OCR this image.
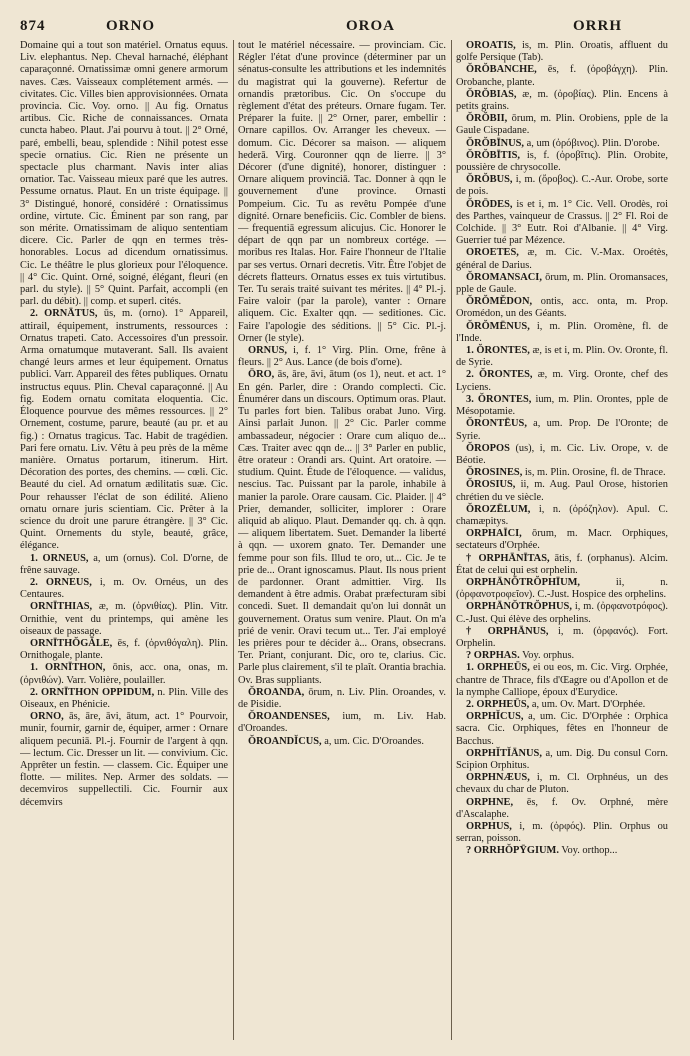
874	ORNO	OROA	ORRH

Domaine qui a tout son matériel. Ornatus equus. Liv. elephantus. Nep. Cheval harnaché, éléphant caparaçonné. Ornatissimæ omni genere armorum naves. Cæs. Vaisseaux complétement armés. — civitates. Cic. Villes bien approvisionnées. Ornata provincia. Cic. Voy. orno. || Au fig. Ornatus artibus. Cic. Riche de connaissances. Ornata cuncta habeo. Plaut. J'ai pourvu à tout. || 2° Orné, paré, embelli, beau, splendide : Nihil potest esse specie ornatius. Cic. Rien ne présente un spectacle plus charmant. Navis inter alias ornatior. Tac. Vaisseau mieux paré que les autres. Pessume ornatus. Plaut. En un triste équipage. || 3° Distingué, honoré, considéré : Ornatissimus ordine, virtute. Cic. Éminent par son rang, par son mérite. Ornatissimam de aliquo sententiam dicere. Cic. Parler de qqn en termes très-honorables. Locus ad dicendum ornatissimus. Cic. Le théâtre le plus glorieux pour l'éloquence. || 4° Cic. Quint. Orné, soigné, élégant, fleuri (en parl. du style). || 5° Quint. Parfait, accompli (en parl. du débit). || comp. et superl. cités.

2. ORNĀTUS, ūs, m. (orno). 1° Appareil, attirail, équipement, instruments, ressources : Ornatus trapeti. Cato. Accessoires d'un pressoir. Arma ornatumque mutaverant. Sall. Ils avaient changé leurs armes et leur équipement. Ornatus publici. Varr. Appareil des fêtes publiques. Ornatu instructus equus. Plin. Cheval caparaçonné. || Au fig. Eodem ornatu comitata eloquentia. Cic. Éloquence pourvue des mêmes ressources. || 2° Ornement, costume, parure, beauté (au pr. et au fig.) : Ornatus tragicus. Tac. Habit de tragédien. Pari fere ornatu. Liv. Vêtu à peu près de la même manière. Ornatus portarum, itinerum. Hirt. Décoration des portes, des chemins. — cœli. Cic. Beauté du ciel. Ad ornatum ædilitatis suæ. Cic. Pour rehausser l'éclat de son édilité. Alieno ornatu ornare juris scientiam. Cic. Prêter à la science du droit une parure étrangère. || 3° Cic. Quint. Ornements du style, beauté, grâce, élégance.

1. ORNEUS, a, um (ornus). Col. D'orne, de frêne sauvage.

2. ORNEUS, i, m. Ov. Ornéus, un des Centaures.

ORNĪTHIAS, æ, m. (ὀρνιθίας). Plin. Vitr. Ornithie, vent du printemps, qui amène les oiseaux de passage.

ORNĪTHŎGĂLE, ēs, f. (ὀρνιθόγαλη). Plin. Ornithogale, plante.

1. ORNĪTHON, ōnis, acc. ona, onas, m. (ὀρνιθών). Varr. Volière, poulailler.

2. ORNĪTHON OPPIDUM, n. Plin. Ville des Oiseaux, en Phénicie.

ORNO, ās, āre, āvi, ātum, act. 1° Pourvoir, munir, fournir, garnir de, équiper, armer : Ornare aliquem pecuniā. Pl.-j. Fournir de l'argent à qqn. — lectum. Cic. Dresser un lit. — convivium. Cic. Apprêter un festin. — classem. Cic. Équiper une flotte. — milites. Nep. Armer des soldats. — decemviros suppellectili. Cic. Fournir aux décemvirs

tout le matériel nécessaire. — provinciam. Cic. Régler l'état d'une province (déterminer par un sénatus-consulte les attributions et les indemnités du magistrat qui la gouverne). Refertur de ornandis prætoribus. Cic. On s'occupe du règlement d'état des préteurs. Ornare fugam. Ter. Préparer la fuite. || 2° Orner, parer, embellir : Ornare capillos. Ov. Arranger les cheveux. — domum. Cic. Décorer sa maison. — aliquem hederā. Virg. Couronner qqn de lierre. || 3° Décorer (d'une dignité), honorer, distinguer : Ornare aliquem provinciā. Tac. Donner à qqn le gouvernement d'une province. Ornasti Pompeium. Cic. Tu as revêtu Pompée d'une dignité. Ornare beneficiis. Cic. Combler de biens. — frequentiā egressum alicujus. Cic. Honorer le départ de qqn par un nombreux cortége. — moribus res Italas. Hor. Faire l'honneur de l'Italie par ses vertus. Ornari decretis. Vitr. Être l'objet de décrets flatteurs. Ornatus esses ex tuis virtutibus. Ter. Tu serais traité suivant tes mérites. || 4° Pl.-j. Faire valoir (par la parole), vanter : Ornare aliquem. Cic. Exalter qqn. — seditiones. Cic. Faire l'apologie des séditions. || 5° Cic. Pl.-j. Orner (le style).

ORNUS, i, f. 1° Virg. Plin. Orne, frêne à fleurs. || 2° Aus. Lance (de bois d'orne).

ŌRO, ās, āre, āvi, ātum (os 1), neut. et act. 1° En gén. Parler, dire : Orando complecti. Cic. Énumérer dans un discours. Optimum oras. Plaut. Tu parles fort bien. Talibus orabat Juno. Virg. Ainsi parlait Junon. || 2° Cic. Parler comme ambassadeur, négocier : Orare cum aliquo de... Cæs. Traiter avec qqn de... || 3° Parler en public, être orateur : Orandi ars. Quint. Art oratoire. — studium. Quint. Étude de l'éloquence. — validus, nescius. Tac. Puissant par la parole, inhabile à manier la parole. Orare causam. Cic. Plaider. || 4° Prier, demander, solliciter, implorer : Orare aliquid ab aliquo. Plaut. Demander qq. ch. à qqn. — aliquem libertatem. Suet. Demander la liberté à qqn. — uxorem gnato. Ter. Demander une femme pour son fils. Illud te oro, ut... Cic. Je te prie de... Orant ignoscamus. Plaut. Ils nous prient de pardonner. Orant admittier. Virg. Ils demandent à être admis. Orabat præfecturam sibi concedi. Suet. Il demandait qu'on lui donnât un gouvernement. Oratus sum venire. Plaut. On m'a prié de venir. Oravi tecum ut... Ter. J'ai employé les prières pour te décider à... Orans, obsecrans. Ter. Priant, conjurant. Dic, oro te, clarius. Cic. Parle plus clairement, s'il te plaît. Orantia brachia. Ov. Bras suppliants.

ŎROANDA, ōrum, n. Liv. Plin. Oroandes, v. de Pisidie.

ŎROANDENSES, ium, m. Liv. Hab. d'Oroandes.

ŎROANDĬCUS, a, um. Cic. D'Oroandes.

OROATIS, is, m. Plin. Oroatis, affluent du golfe Persique (Tab).

ŎRŎBANCHE, ēs, f. (ὀροβάγχη). Plin. Orobanche, plante.

ŎRŎBIAS, æ, m. (ὀροβίας). Plin. Encens à petits grains.

ŎRŎBII, ōrum, m. Plin. Orobiens, pple de la Gaule Cispadane.

ŎRŎBĪNUS, a, um (ὀρόβινος). Plin. D'orobe.

ŎRŎBĪTIS, is, f. (ὀροβῖτις). Plin. Orobite, poussière de chrysocolle.

ŎRŎBUS, i, m. (ὄροβος). C.-Aur. Orobe, sorte de pois.

ŎRŌDES, is et i, m. 1° Cic. Vell. Orodès, roi des Parthes, vainqueur de Crassus. || 2° Fl. Roi de Colchide. || 3° Eutr. Roi d'Albanie. || 4° Virg. Guerrier tué par Mézence.

OROETES, æ, m. Cic. V.-Max. Oroétès, général de Darius.

ŎROMANSACI, ōrum, m. Plin. Oromansaces, pple de Gaule.

ŎRŎMĔDON, ontis, acc. onta, m. Prop. Oromédon, un des Géants.

ŎRŎMĒNUS, i, m. Plin. Oromène, fl. de l'Inde.

1. ŎRONTES, æ, is et i, m. Plin. Ov. Oronte, fl. de Syrie.

2. ŎRONTES, æ, m. Virg. Oronte, chef des Lyciens.

3. ŎRONTES, ium, m. Plin. Orontes, pple de Mésopotamie.

ŎRONTĒUS, a, um. Prop. De l'Oronte; de Syrie.

ŎROPOS (us), i, m. Cic. Liv. Orope, v. de Béotie.

ŎROSINES, is, m. Plin. Orosine, fl. de Thrace.

ŎROSIUS, ii, m. Aug. Paul Orose, historien chrétien du ve siècle.

ŎROZĒLUM, i, n. (ὀρόζηλον). Apul. C. chamæpitys.

ORPHAĪCI, ōrum, m. Macr. Orphiques, sectateurs d'Orphée.

† ORPHĀNĪTAS, ātis, f. (orphanus). Alcim. État de celui qui est orphelin.

ORPHĀNŎTRŎPHĪUM,	ii, n. (ὀρφανοτροφεῖον). C.-Just. Hospice des orphelins.

ORPHĀNŎTRŎPHUS, i, m. (ὀρφανοτρόφος). C.-Just. Qui élève des orphelins.

† ORPHĀNUS, i, m. (ὀρφανός). Fort. Orphelin.

? ORPHAS. Voy. orphus.

1. ORPHEŪS, ei ou eos, m. Cic. Virg. Orphée, chantre de Thrace, fils d'Œagre ou d'Apollon et de la nymphe Calliope, époux d'Eurydice.

2. ORPHEŪS, a, um. Ov. Mart. D'Orphée.

ORPHĬCUS, a, um. Cic. D'Orphée : Orphica sacra. Cic. Orphiques, fêtes en l'honneur de Bacchus.

ORPHĬTĬĀNUS, a, um. Dig. Du consul Corn. Scipion Orphitus.

ORPHNÆUS, i, m. Cl. Orphnéus, un des chevaux du char de Pluton.

ORPHNE, ēs, f. Ov. Orphné, mère d'Ascalaphe.

ORPHUS, i, m. (ὀρφός). Plin. Orphus ou serran, poisson.

? ORRHŎPȲGIUM. Voy. orthop...
